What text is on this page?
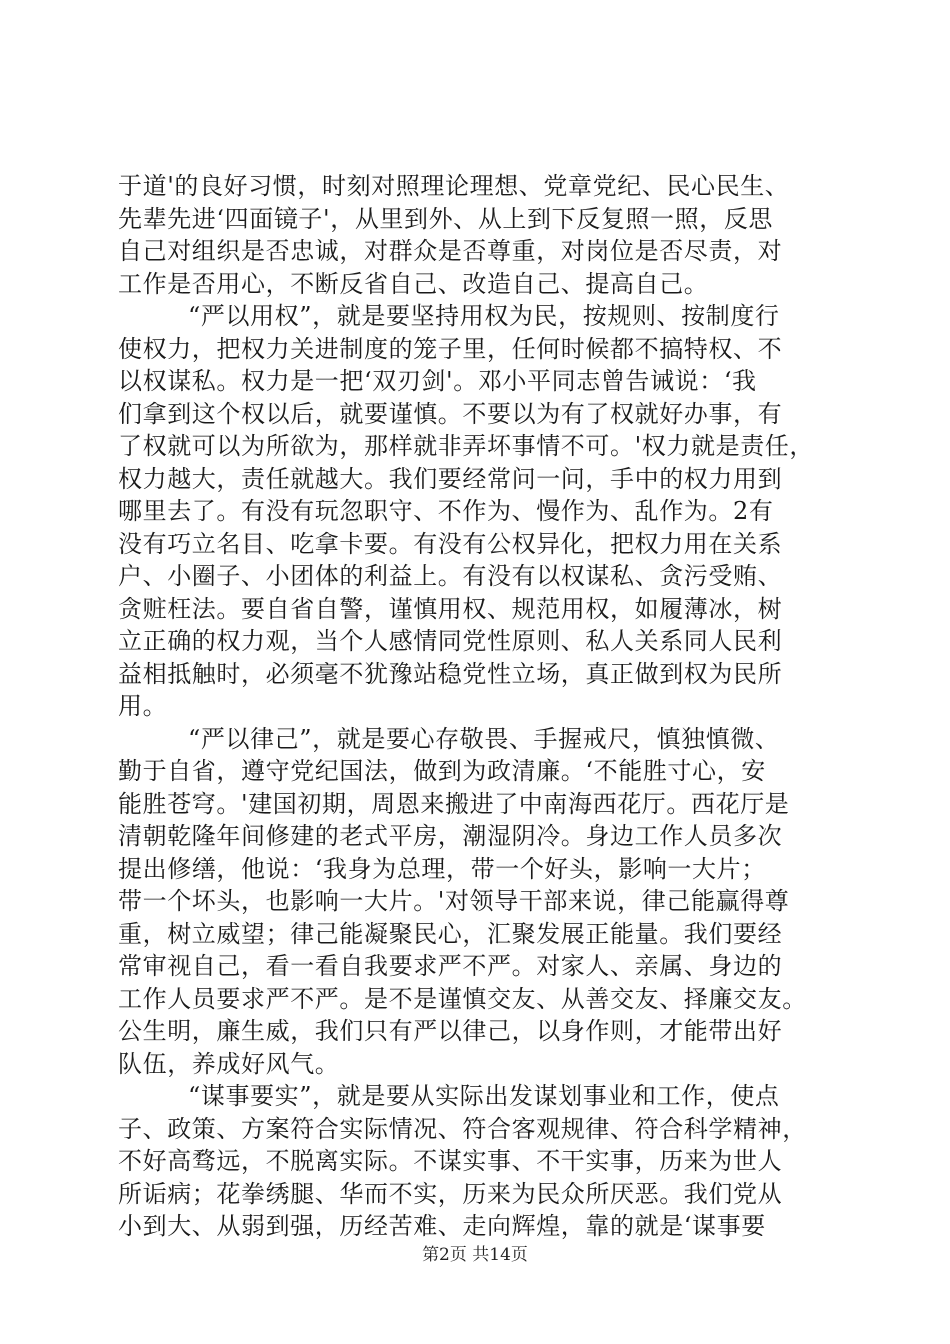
于道'的良好习惯，时刻对照理论理想、党章党纪、民心民生、
先辈先进‘四面镜子'，从里到外、从上到下反复照一照，反思
自己对组织是否忠诚，对群众是否尊重，对岗位是否尽责，对
工作是否用心，不断反省自己、改造自己、提高自己。
“严以用权”，就是要坚持用权为民，按规则、按制度行
使权力，把权力关进制度的笼子里，任何时候都不搞特权、不
以权谋私。权力是一把‘双刃剑'。邓小平同志曾告诫说：‘我
们拿到这个权以后，就要谨慎。不要以为有了权就好办事，有
了权就可以为所欲为，那样就非弄坏事情不可。'权力就是责任，
权力越大，责任就越大。我们要经常问一问，手中的权力用到
哪里去了。有没有玩忽职守、不作为、慢作为、乱作为。2有
没有巧立名目、吃拿卡要。有没有公权异化，把权力用在关系
户、小圈子、小团体的利益上。有没有以权谋私、贪污受贿、
贪赃枉法。要自省自警，谨慎用权、规范用权，如履薄冰，树
立正确的权力观，当个人感情同党性原则、私人关系同人民利
益相抵触时，必须毫不犹豫站稳党性立场，真正做到权为民所
用。
“严以律己”，就是要心存敬畏、手握戒尺，慎独慎微、
勤于自省，遵守党纪国法，做到为政清廉。‘不能胜寸心，安
能胜苍穹。'建国初期，周恩来搬进了中南海西花厅。西花厅是
清朝乾隆年间修建的老式平房，潮湿阴冷。身边工作人员多次
提出修缮，他说：‘我身为总理，带一个好头，影响一大片；
带一个坏头，也影响一大片。'对领导干部来说，律己能赢得尊
重，树立威望；律己能凝聚民心，汇聚发展正能量。我们要经
常审视自己，看一看自我要求严不严。对家人、亲属、身边的
工作人员要求严不严。是不是谨慎交友、从善交友、择廉交友。
公生明，廉生威，我们只有严以律己，以身作则，才能带出好
队伍，养成好风气。
“谋事要实”，就是要从实际出发谋划事业和工作，使点
子、政策、方案符合实际情况、符合客观规律、符合科学精神，
不好高骛远，不脱离实际。不谋实事、不干实事，历来为世人
所诟病；花拳绣腿、华而不实，历来为民众所厌恶。我们党从
小到大、从弱到强，历经苦难、走向辉煌，靠的就是‘谋事要
第2页 共14页
